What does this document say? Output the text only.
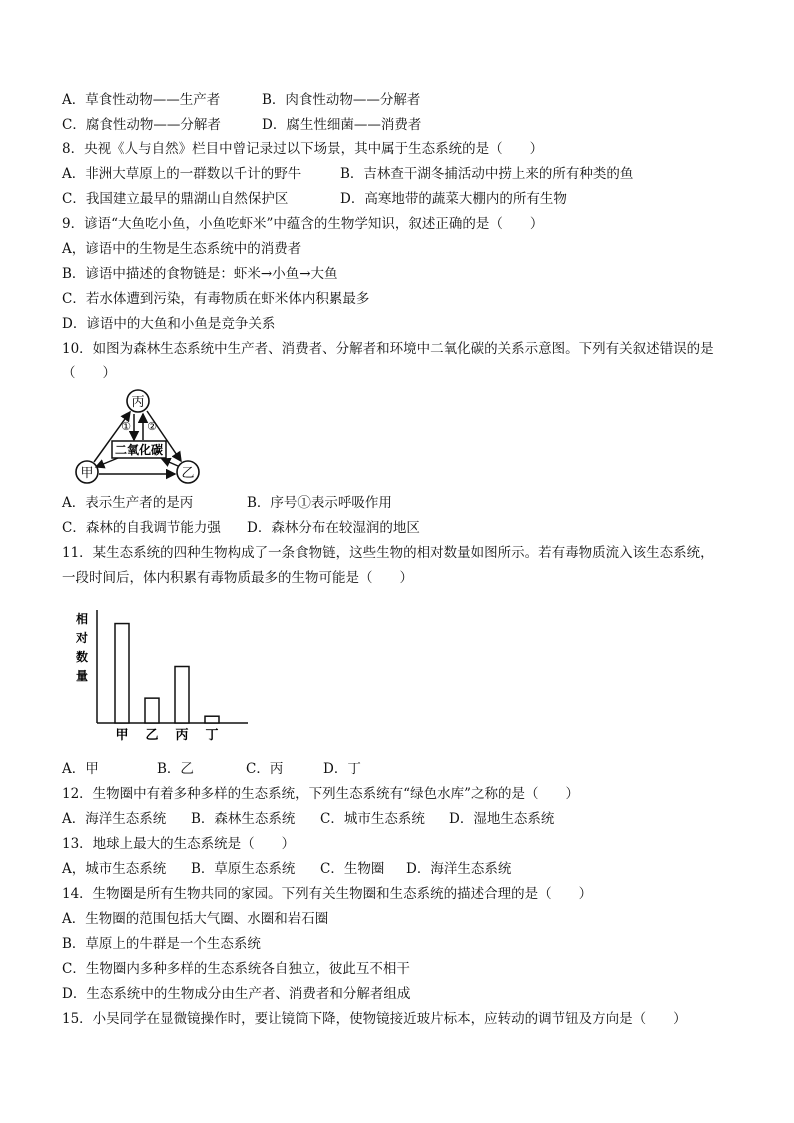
A．草食性动物——生产者	B．肉食性动物——分解者
C．腐食性动物——分解者	D．腐生性细菌——消费者
8．央视《人与自然》栏目中曾记录过以下场景，其中属于生态系统的是（　　）
A．非洲大草原上的一群数以千计的野牛	B．吉林查干湖冬捕活动中捞上来的所有种类的鱼
C．我国建立最早的鼎湖山自然保护区	D．高寒地带的蔬菜大棚内的所有生物
9．谚语“大鱼吃小鱼，小鱼吃虾米”中蕴含的生物学知识，叙述正确的是（　　）
A，谚语中的生物是生态系统中的消费者
B．谚语中描述的食物链是：虾米→小鱼→大鱼
C．若水体遭到污染，有毒物质在虾米体内积累最多
D．谚语中的大鱼和小鱼是竞争关系
10．如图为森林生态系统中生产者、消费者、分解者和环境中二氧化碳的关系示意图。下列有关叙述错误的是
（　　）
丙
甲	乙
① ②
二氧化碳
A．表示生产者的是丙	B．序号①表示呼吸作用
C．森林的自我调节能力强 D．森林分布在较湿润的地区
11．某生态系统的四种生物构成了一条食物链，这些生物的相对数量如图所示。若有毒物质流入该生态系统，
一段时间后，体内积累有毒物质最多的生物可能是（　　）
相
对
数
量
甲 乙 丙 丁
A．甲	B．乙	C．丙	D．丁
12．生物圈中有着多种多样的生态系统，下列生态系统有“绿色水库”之称的是（　　）
A．海洋生态系统 B．森林生态系统 C．城市生态系统 D．湿地生态系统
13．地球上最大的生态系统是（　　）
A，城市生态系统 B．草原生态系统 C．生物圈 D．海洋生态系统
14．生物圈是所有生物共同的家园。下列有关生物圈和生态系统的描述合理的是（　　）
A．生物圈的范围包括大气圈、水圈和岩石圈
B．草原上的牛群是一个生态系统
C．生物圈内多种多样的生态系统各自独立，彼此互不相干
D．生态系统中的生物成分由生产者、消费者和分解者组成
15．小吴同学在显微镜操作时，要让镜筒下降，使物镜接近玻片标本，应转动的调节钮及方向是（　　）
